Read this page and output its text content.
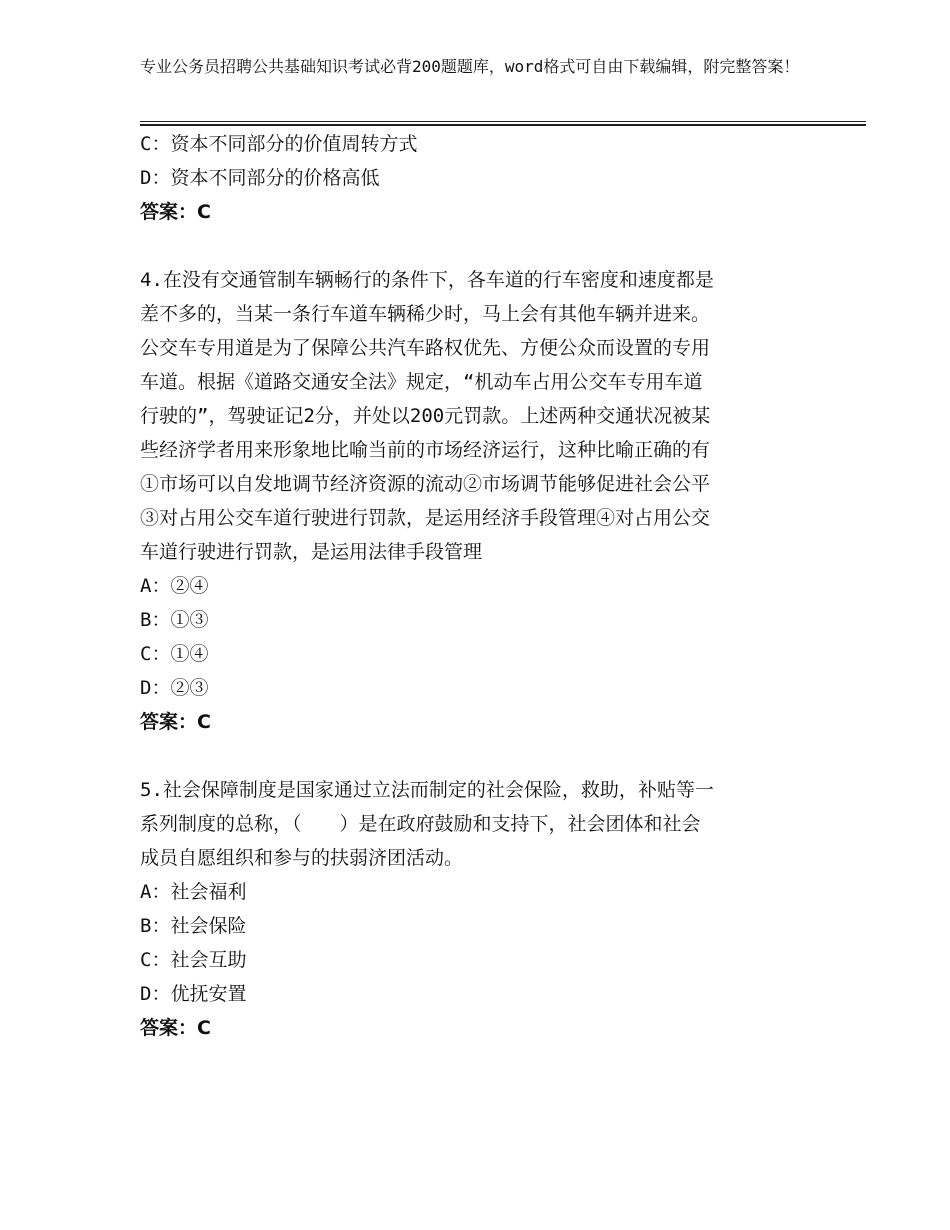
专业公务员招聘公共基础知识考试必背200题题库，word格式可自由下载编辑，附完整答案！
C：资本不同部分的价值周转方式
D：资本不同部分的价格高低
答案：C
4.在没有交通管制车辆畅行的条件下，各车道的行车密度和速度都是
差不多的，当某一条行车道车辆稀少时，马上会有其他车辆并进来。
公交车专用道是为了保障公共汽车路权优先、方便公众而设置的专用
车道。根据《道路交通安全法》规定，“机动车占用公交车专用车道
行驶的”，驾驶证记2分，并处以200元罚款。上述两种交通状况被某
些经济学者用来形象地比喻当前的市场经济运行，这种比喻正确的有
①市场可以自发地调节经济资源的流动②市场调节能够促进社会公平
③对占用公交车道行驶进行罚款，是运用经济手段管理④对占用公交
车道行驶进行罚款，是运用法律手段管理
A：②④
B：①③
C：①④
D：②③
答案：C
5.社会保障制度是国家通过立法而制定的社会保险，救助，补贴等一
系列制度的总称，（　　）是在政府鼓励和支持下，社会团体和社会
成员自愿组织和参与的扶弱济团活动。
A：社会福利
B：社会保险
C：社会互助
D：优抚安置
答案：C
